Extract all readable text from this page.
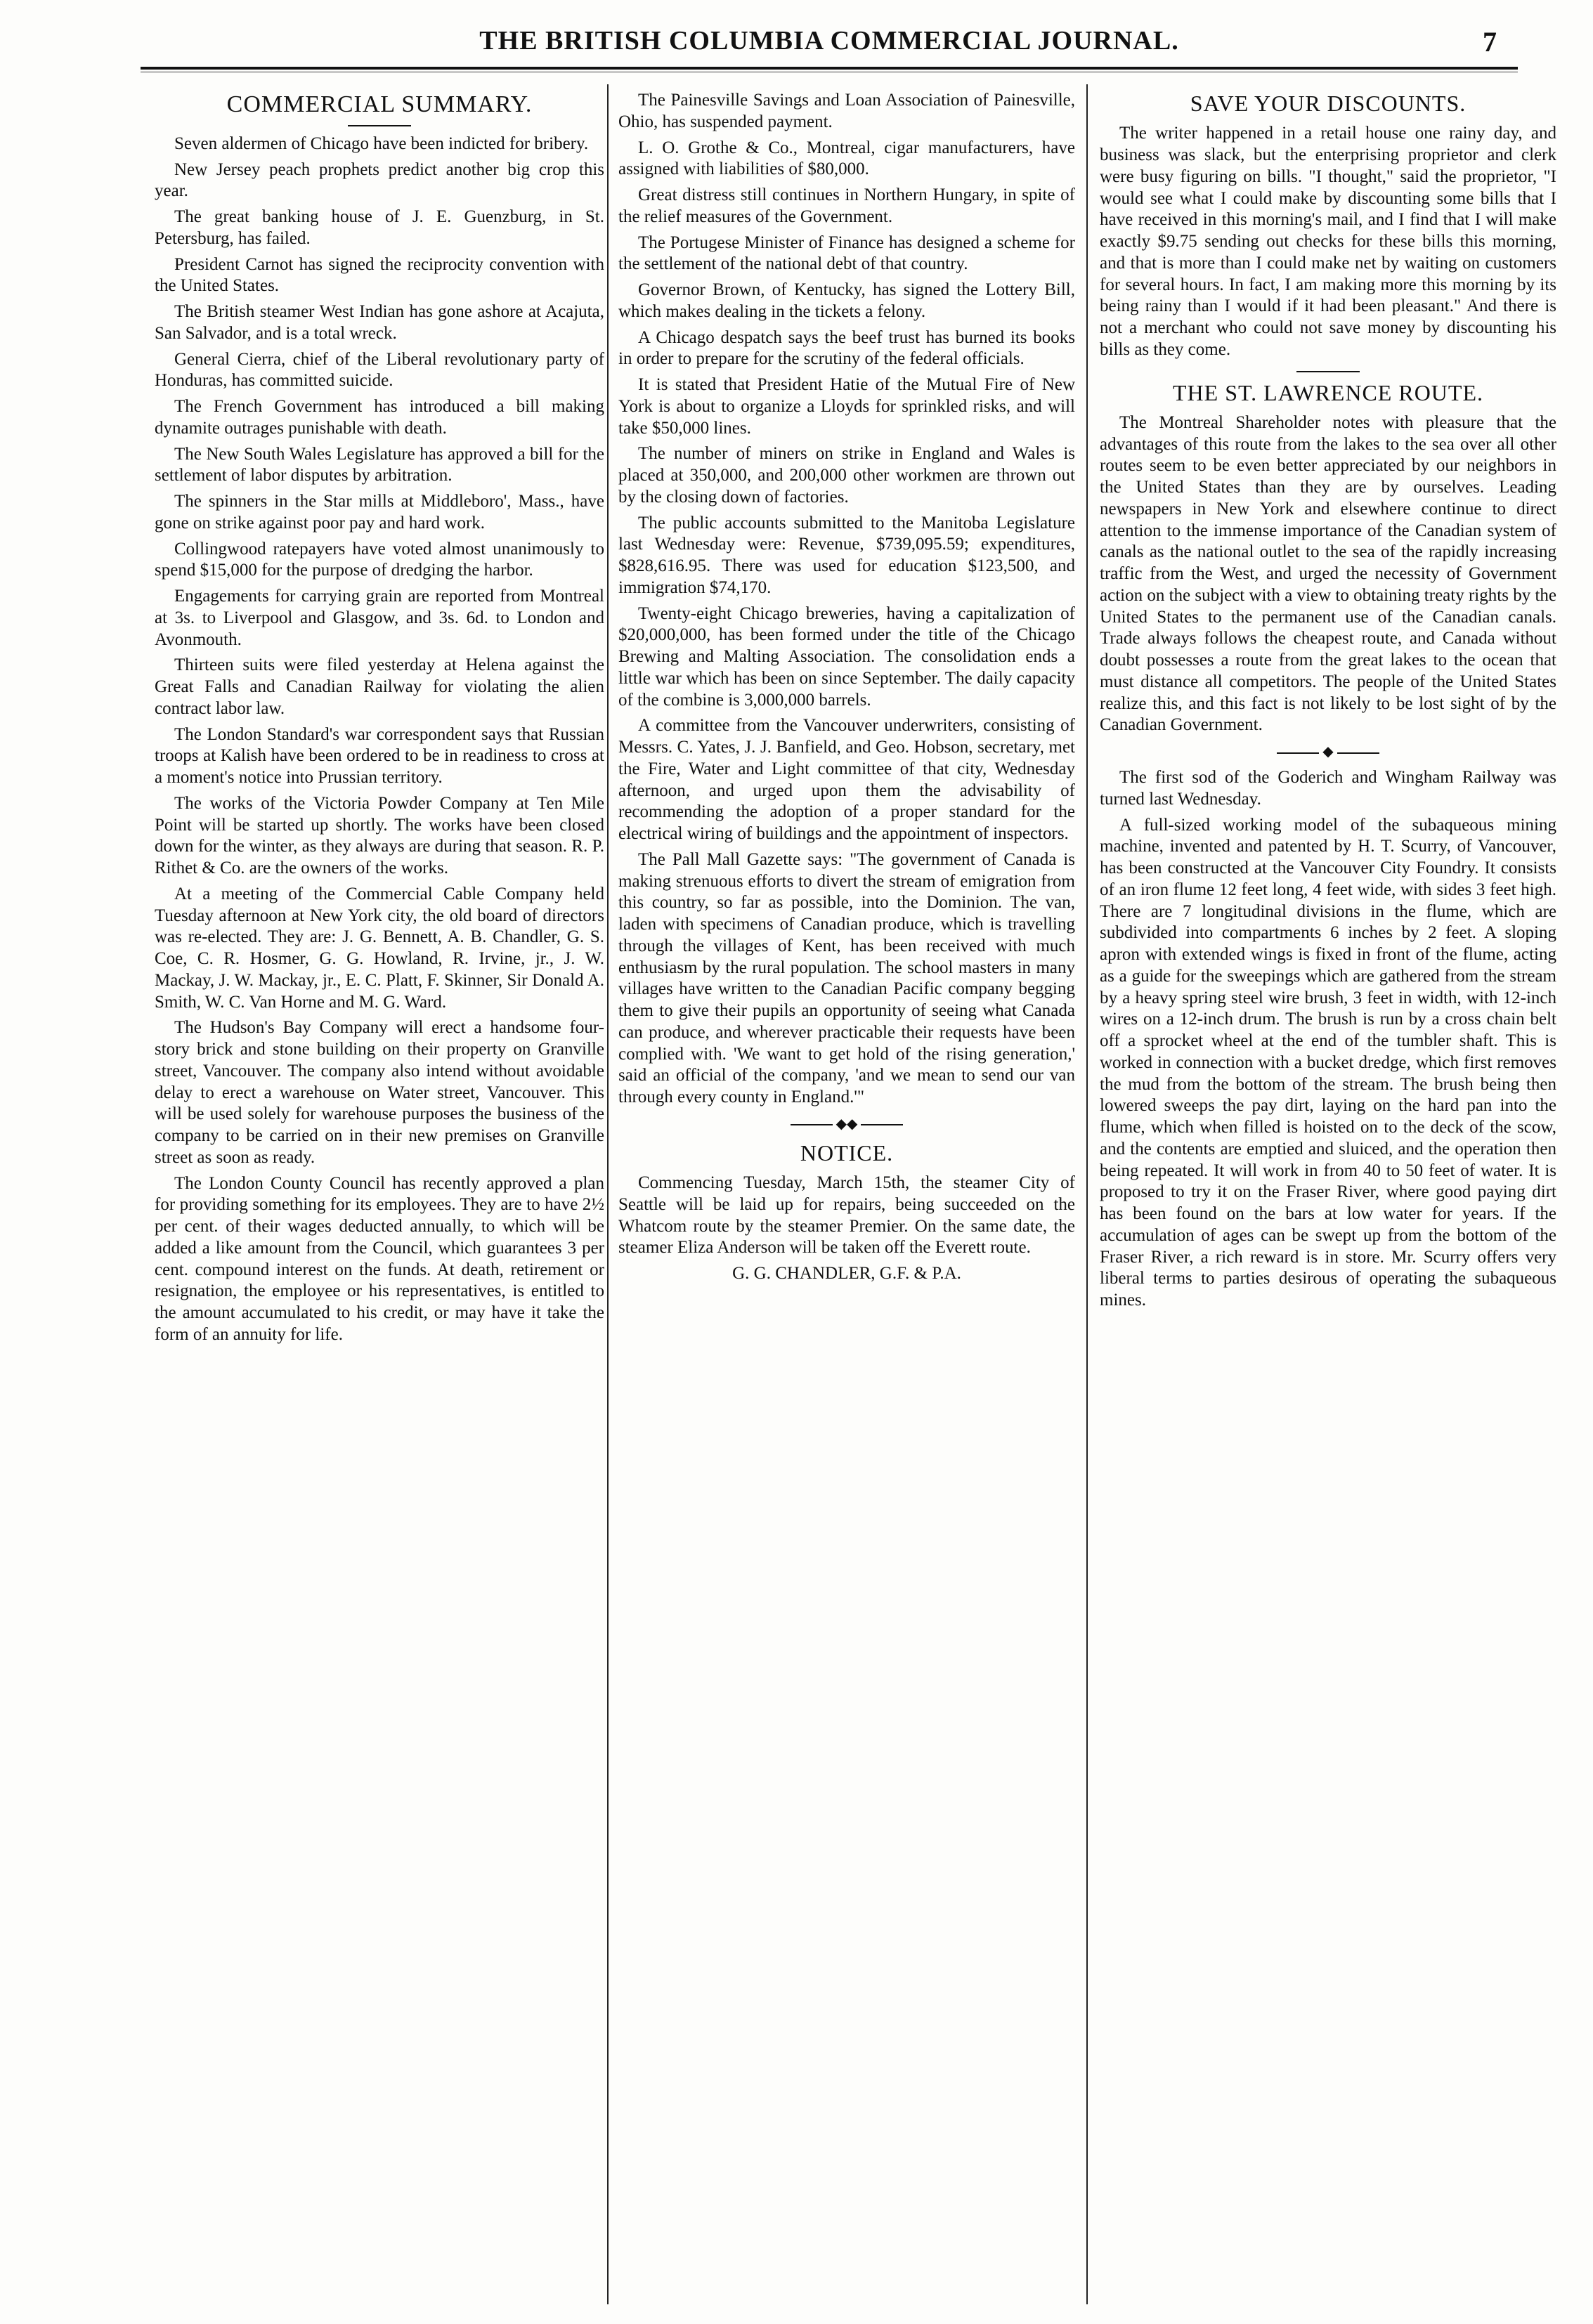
THE BRITISH COLUMBIA COMMERCIAL JOURNAL.	7
COMMERCIAL SUMMARY.

Seven aldermen of Chicago have been indicted for bribery.

New Jersey peach prophets predict another big crop this year.

The great banking house of J. E. Guenzburg, in St. Petersburg, has failed.

President Carnot has signed the reciprocity convention with the United States.

The British steamer West Indian has gone ashore at Acajuta, San Salvador, and is a total wreck.

General Cierra, chief of the Liberal revolutionary party of Honduras, has committed suicide.

The French Government has introduced a bill making dynamite outrages punishable with death.

The New South Wales Legislature has approved a bill for the settlement of labor disputes by arbitration.

The spinners in the Star mills at Middleboro', Mass., have gone on strike against poor pay and hard work.

Collingwood ratepayers have voted almost unanimously to spend $15,000 for the purpose of dredging the harbor.

Engagements for carrying grain are reported from Montreal at 3s. to Liverpool and Glasgow, and 3s. 6d. to London and Avonmouth.

Thirteen suits were filed yesterday at Helena against the Great Falls and Canadian Railway for violating the alien contract labor law.

The London Standard's war correspondent says that Russian troops at Kalish have been ordered to be in readiness to cross at a moment's notice into Prussian territory.

The works of the Victoria Powder Company at Ten Mile Point will be started up shortly. The works have been closed down for the winter, as they always are during that season. R. P. Rithet & Co. are the owners of the works.

At a meeting of the Commercial Cable Company held Tuesday afternoon at New York city, the old board of directors was re-elected. They are: J. G. Bennett, A. B. Chandler, G. S. Coe, C. R. Hosmer, G. G. Howland, R. Irvine, jr., J. W. Mackay, J. W. Mackay, jr., E. C. Platt, F. Skinner, Sir Donald A. Smith, W. C. Van Horne and M. G. Ward.

The Hudson's Bay Company will erect a handsome four-story brick and stone building on their property on Granville street, Vancouver. The company also intend without avoidable delay to erect a warehouse on Water street, Vancouver. This will be used solely for warehouse purposes the business of the company to be carried on in their new premises on Granville street as soon as ready.

The London County Council has recently approved a plan for providing something for its employees. They are to have 2½ per cent. of their wages deducted annually, to which will be added a like amount from the Council, which guarantees 3 per cent. compound interest on the funds. At death, retirement or resignation, the employee or his representatives, is entitled to the amount accumulated to his credit, or may have it take the form of an annuity for life.

The Painesville Savings and Loan Association of Painesville, Ohio, has suspended payment.

L. O. Grothe & Co., Montreal, cigar manufacturers, have assigned with liabilities of $80,000.

Great distress still continues in Northern Hungary, in spite of the relief measures of the Government.

The Portugese Minister of Finance has designed a scheme for the settlement of the national debt of that country.

Governor Brown, of Kentucky, has signed the Lottery Bill, which makes dealing in the tickets a felony.

A Chicago despatch says the beef trust has burned its books in order to prepare for the scrutiny of the federal officials.

It is stated that President Hatie of the Mutual Fire of New York is about to organize a Lloyds for sprinkled risks, and will take $50,000 lines.

The number of miners on strike in England and Wales is placed at 350,000, and 200,000 other workmen are thrown out by the closing down of factories.

The public accounts submitted to the Manitoba Legislature last Wednesday were: Revenue, $739,095.59; expenditures, $828,616.95. There was used for education $123,500, and immigration $74,170.

Twenty-eight Chicago breweries, having a capitalization of $20,000,000, has been formed under the title of the Chicago Brewing and Malting Association. The consolidation ends a little war which has been on since September. The daily capacity of the combine is 3,000,000 barrels.

A committee from the Vancouver underwriters, consisting of Messrs. C. Yates, J. J. Banfield, and Geo. Hobson, secretary, met the Fire, Water and Light committee of that city, Wednesday afternoon, and urged upon them the advisability of recommending the adoption of a proper standard for the electrical wiring of buildings and the appointment of inspectors.

The Pall Mall Gazette says: "The government of Canada is making strenuous efforts to divert the stream of emigration from this country, so far as possible, into the Dominion. The van, laden with specimens of Canadian produce, which is travelling through the villages of Kent, has been received with much enthusiasm by the rural population. The school masters in many villages have written to the Canadian Pacific company begging them to give their pupils an opportunity of seeing what Canada can produce, and wherever practicable their requests have been complied with. 'We want to get hold of the rising generation,' said an official of the company, 'and we mean to send our van through every county in England.'"

◆◆
NOTICE.

Commencing Tuesday, March 15th, the steamer City of Seattle will be laid up for repairs, being succeeded on the Whatcom route by the steamer Premier. On the same date, the steamer Eliza Anderson will be taken off the Everett route.

G. G. CHANDLER, G.F. & P.A.

SAVE YOUR DISCOUNTS.

The writer happened in a retail house one rainy day, and business was slack, but the enterprising proprietor and clerk were busy figuring on bills. "I thought," said the proprietor, "I would see what I could make by discounting some bills that I have received in this morning's mail, and I find that I will make exactly $9.75 sending out checks for these bills this morning, and that is more than I could make net by waiting on customers for several hours. In fact, I am making more this morning by its being rainy than I would if it had been pleasant." And there is not a merchant who could not save money by discounting his bills as they come.

THE ST. LAWRENCE ROUTE.

The Montreal Shareholder notes with pleasure that the advantages of this route from the lakes to the sea over all other routes seem to be even better appreciated by our neighbors in the United States than they are by ourselves. Leading newspapers in New York and elsewhere continue to direct attention to the immense importance of the Canadian system of canals as the national outlet to the sea of the rapidly increasing traffic from the West, and urged the necessity of Government action on the subject with a view to obtaining treaty rights by the United States to the permanent use of the Canadian canals. Trade always follows the cheapest route, and Canada without doubt possesses a route from the great lakes to the ocean that must distance all competitors. The people of the United States realize this, and this fact is not likely to be lost sight of by the Canadian Government.

◆

The first sod of the Goderich and Wingham Railway was turned last Wednesday.

A full-sized working model of the subaqueous mining machine, invented and patented by H. T. Scurry, of Vancouver, has been constructed at the Vancouver City Foundry. It consists of an iron flume 12 feet long, 4 feet wide, with sides 3 feet high. There are 7 longitudinal divisions in the flume, which are subdivided into compartments 6 inches by 2 feet. A sloping apron with extended wings is fixed in front of the flume, acting as a guide for the sweepings which are gathered from the stream by a heavy spring steel wire brush, 3 feet in width, with 12-inch wires on a 12-inch drum. The brush is run by a cross chain belt off a sprocket wheel at the end of the tumbler shaft. This is worked in connection with a bucket dredge, which first removes the mud from the bottom of the stream. The brush being then lowered sweeps the pay dirt, laying on the hard pan into the flume, which when filled is hoisted on to the deck of the scow, and the contents are emptied and sluiced, and the operation then being repeated. It will work in from 40 to 50 feet of water. It is proposed to try it on the Fraser River, where good paying dirt has been found on the bars at low water for years. If the accumulation of ages can be swept up from the bottom of the Fraser River, a rich reward is in store. Mr. Scurry offers very liberal terms to parties desirous of operating the subaqueous mines.
